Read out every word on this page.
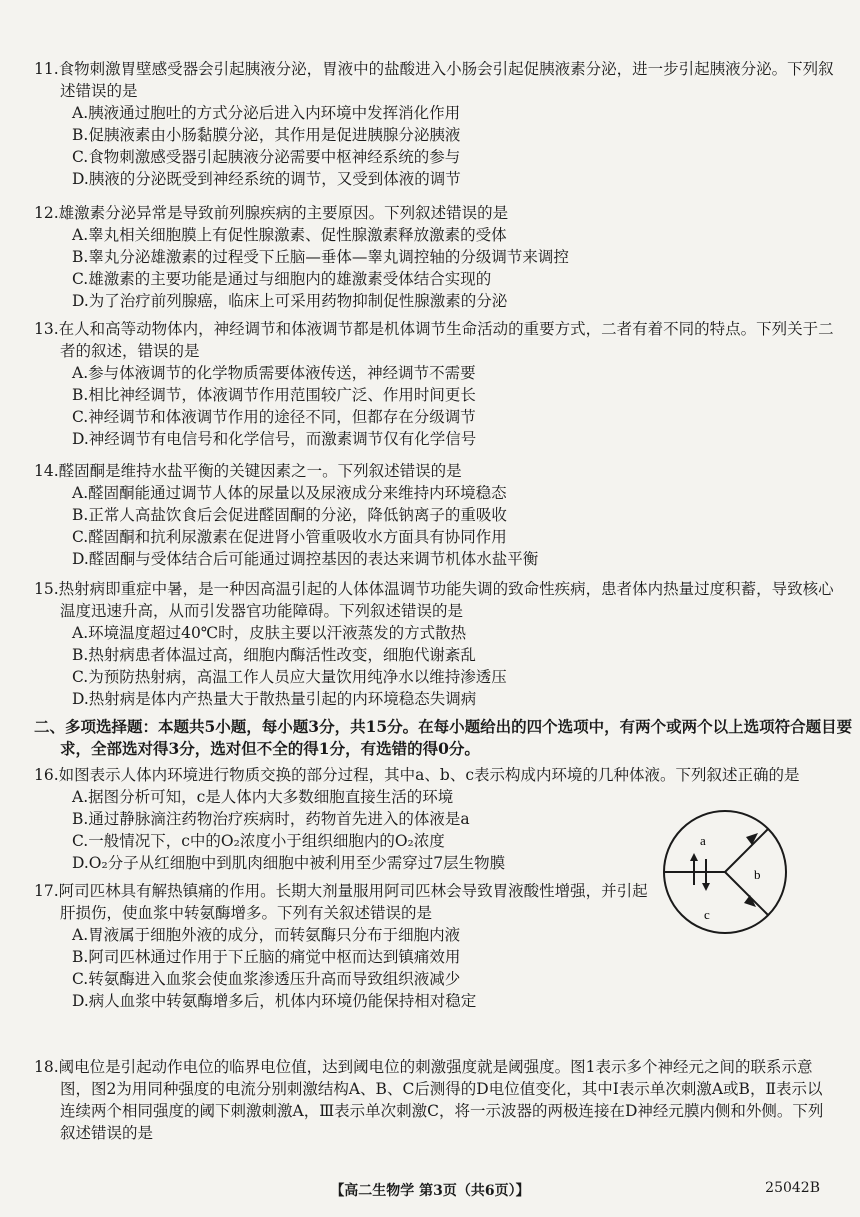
11.食物刺激胃壁感受器会引起胰液分泌，胃液中的盐酸进入小肠会引起促胰液素分泌，进一步引起胰液分泌。下列叙述错误的是

A.胰液通过胞吐的方式分泌后进入内环境中发挥消化作用

B.促胰液素由小肠黏膜分泌，其作用是促进胰腺分泌胰液

C.食物刺激感受器引起胰液分泌需要中枢神经系统的参与

D.胰液的分泌既受到神经系统的调节，又受到体液的调节

12.雄激素分泌异常是导致前列腺疾病的主要原因。下列叙述错误的是

A.睾丸相关细胞膜上有促性腺激素、促性腺激素释放激素的受体

B.睾丸分泌雄激素的过程受下丘脑—垂体—睾丸调控轴的分级调节来调控

C.雄激素的主要功能是通过与细胞内的雄激素受体结合实现的

D.为了治疗前列腺癌，临床上可采用药物抑制促性腺激素的分泌

13.在人和高等动物体内，神经调节和体液调节都是机体调节生命活动的重要方式，二者有着不同的特点。下列关于二者的叙述，错误的是

A.参与体液调节的化学物质需要体液传送，神经调节不需要

B.相比神经调节，体液调节作用范围较广泛、作用时间更长

C.神经调节和体液调节作用的途径不同，但都存在分级调节

D.神经调节有电信号和化学信号，而激素调节仅有化学信号

14.醛固酮是维持水盐平衡的关键因素之一。下列叙述错误的是

A.醛固酮能通过调节人体的尿量以及尿液成分来维持内环境稳态

B.正常人高盐饮食后会促进醛固酮的分泌，降低钠离子的重吸收

C.醛固酮和抗利尿激素在促进肾小管重吸收水方面具有协同作用

D.醛固酮与受体结合后可能通过调控基因的表达来调节机体水盐平衡

15.热射病即重症中暑，是一种因高温引起的人体体温调节功能失调的致命性疾病，患者体内热量过度积蓄，导致核心温度迅速升高，从而引发器官功能障碍。下列叙述错误的是

A.环境温度超过40℃时，皮肤主要以汗液蒸发的方式散热

B.热射病患者体温过高，细胞内酶活性改变，细胞代谢紊乱

C.为预防热射病，高温工作人员应大量饮用纯净水以维持渗透压

D.热射病是体内产热量大于散热量引起的内环境稳态失调病

二、多项选择题：本题共5小题，每小题3分，共15分。在每小题给出的四个选项中，有两个或两个以上选项符合题目要求，全部选对得3分，选对但不全的得1分，有选错的得0分。

16.如图表示人体内环境进行物质交换的部分过程，其中a、b、c表示构成内环境的几种体液。下列叙述正确的是

A.据图分析可知，c是人体内大多数细胞直接生活的环境

B.通过静脉滴注药物治疗疾病时，药物首先进入的体液是a

C.一般情况下，c中的O₂浓度小于组织细胞内的O₂浓度

D.O₂分子从红细胞中到肌肉细胞中被利用至少需穿过7层生物膜

a
b
c

17.阿司匹林具有解热镇痛的作用。长期大剂量服用阿司匹林会导致胃液酸性增强，并引起肝损伤，使血浆中转氨酶增多。下列有关叙述错误的是

A.胃液属于细胞外液的成分，而转氨酶只分布于细胞内液

B.阿司匹林通过作用于下丘脑的痛觉中枢而达到镇痛效用

C.转氨酶进入血浆会使血浆渗透压升高而导致组织液减少

D.病人血浆中转氨酶增多后，机体内环境仍能保持相对稳定

18.阈电位是引起动作电位的临界电位值，达到阈电位的刺激强度就是阈强度。图1表示多个神经元之间的联系示意图，图2为用同种强度的电流分别刺激结构A、B、C后测得的D电位值变化，其中Ⅰ表示单次刺激A或B，Ⅱ表示以连续两个相同强度的阈下刺激刺激A，Ⅲ表示单次刺激C，将一示波器的两极连接在D神经元膜内侧和外侧。下列叙述错误的是

【高二生物学 第3页（共6页）】	25042B
